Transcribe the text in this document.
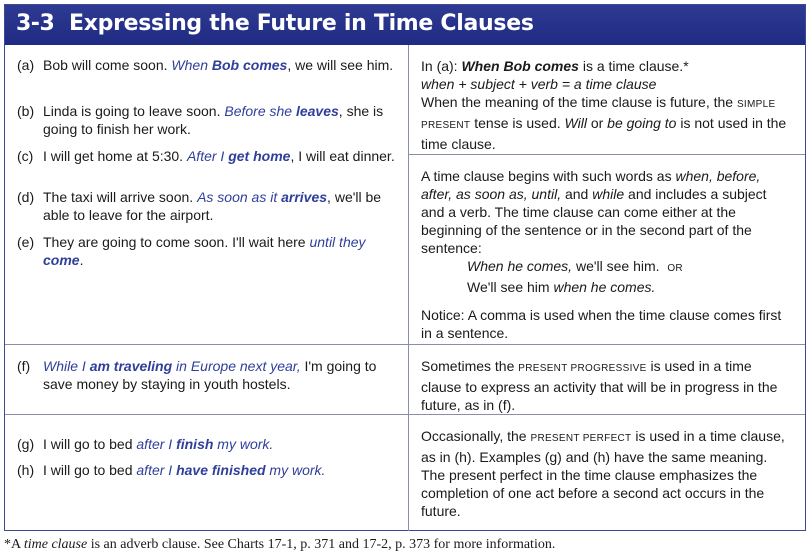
3-3 Expressing the Future in Time Clauses
(a) Bob will come soon. When Bob comes, we will see him.
(b) Linda is going to leave soon. Before she leaves, she is going to finish her work.
(c) I will get home at 5:30. After I get home, I will eat dinner.
(d) The taxi will arrive soon. As soon as it arrives, we'll be able to leave for the airport.
(e) They are going to come soon. I'll wait here until they come.

In (a): When Bob comes is a time clause.*

when + subject + verb = a time clause

When the meaning of the time clause is future, the SIMPLE PRESENT tense is used. Will or be going to is not used in the time clause.

A time clause begins with such words as when, before, after, as soon as, until, and while and includes a subject and a verb. The time clause can come either at the beginning of the sentence or in the second part of the sentence:

When he comes, we'll see him. OR

We'll see him when he comes.

Notice: A comma is used when the time clause comes first in a sentence.

(f) While I am traveling in Europe next year, I'm going to save money by staying in youth hostels.

Sometimes the PRESENT PROGRESSIVE is used in a time clause to express an activity that will be in progress in the future, as in (f).

(g) I will go to bed after I finish my work.
(h) I will go to bed after I have finished my work.

Occasionally, the PRESENT PERFECT is used in a time clause, as in (h). Examples (g) and (h) have the same meaning. The present perfect in the time clause emphasizes the completion of one act before a second act occurs in the future.

*A time clause is an adverb clause. See Charts 17-1, p. 371 and 17-2, p. 373 for more information.
